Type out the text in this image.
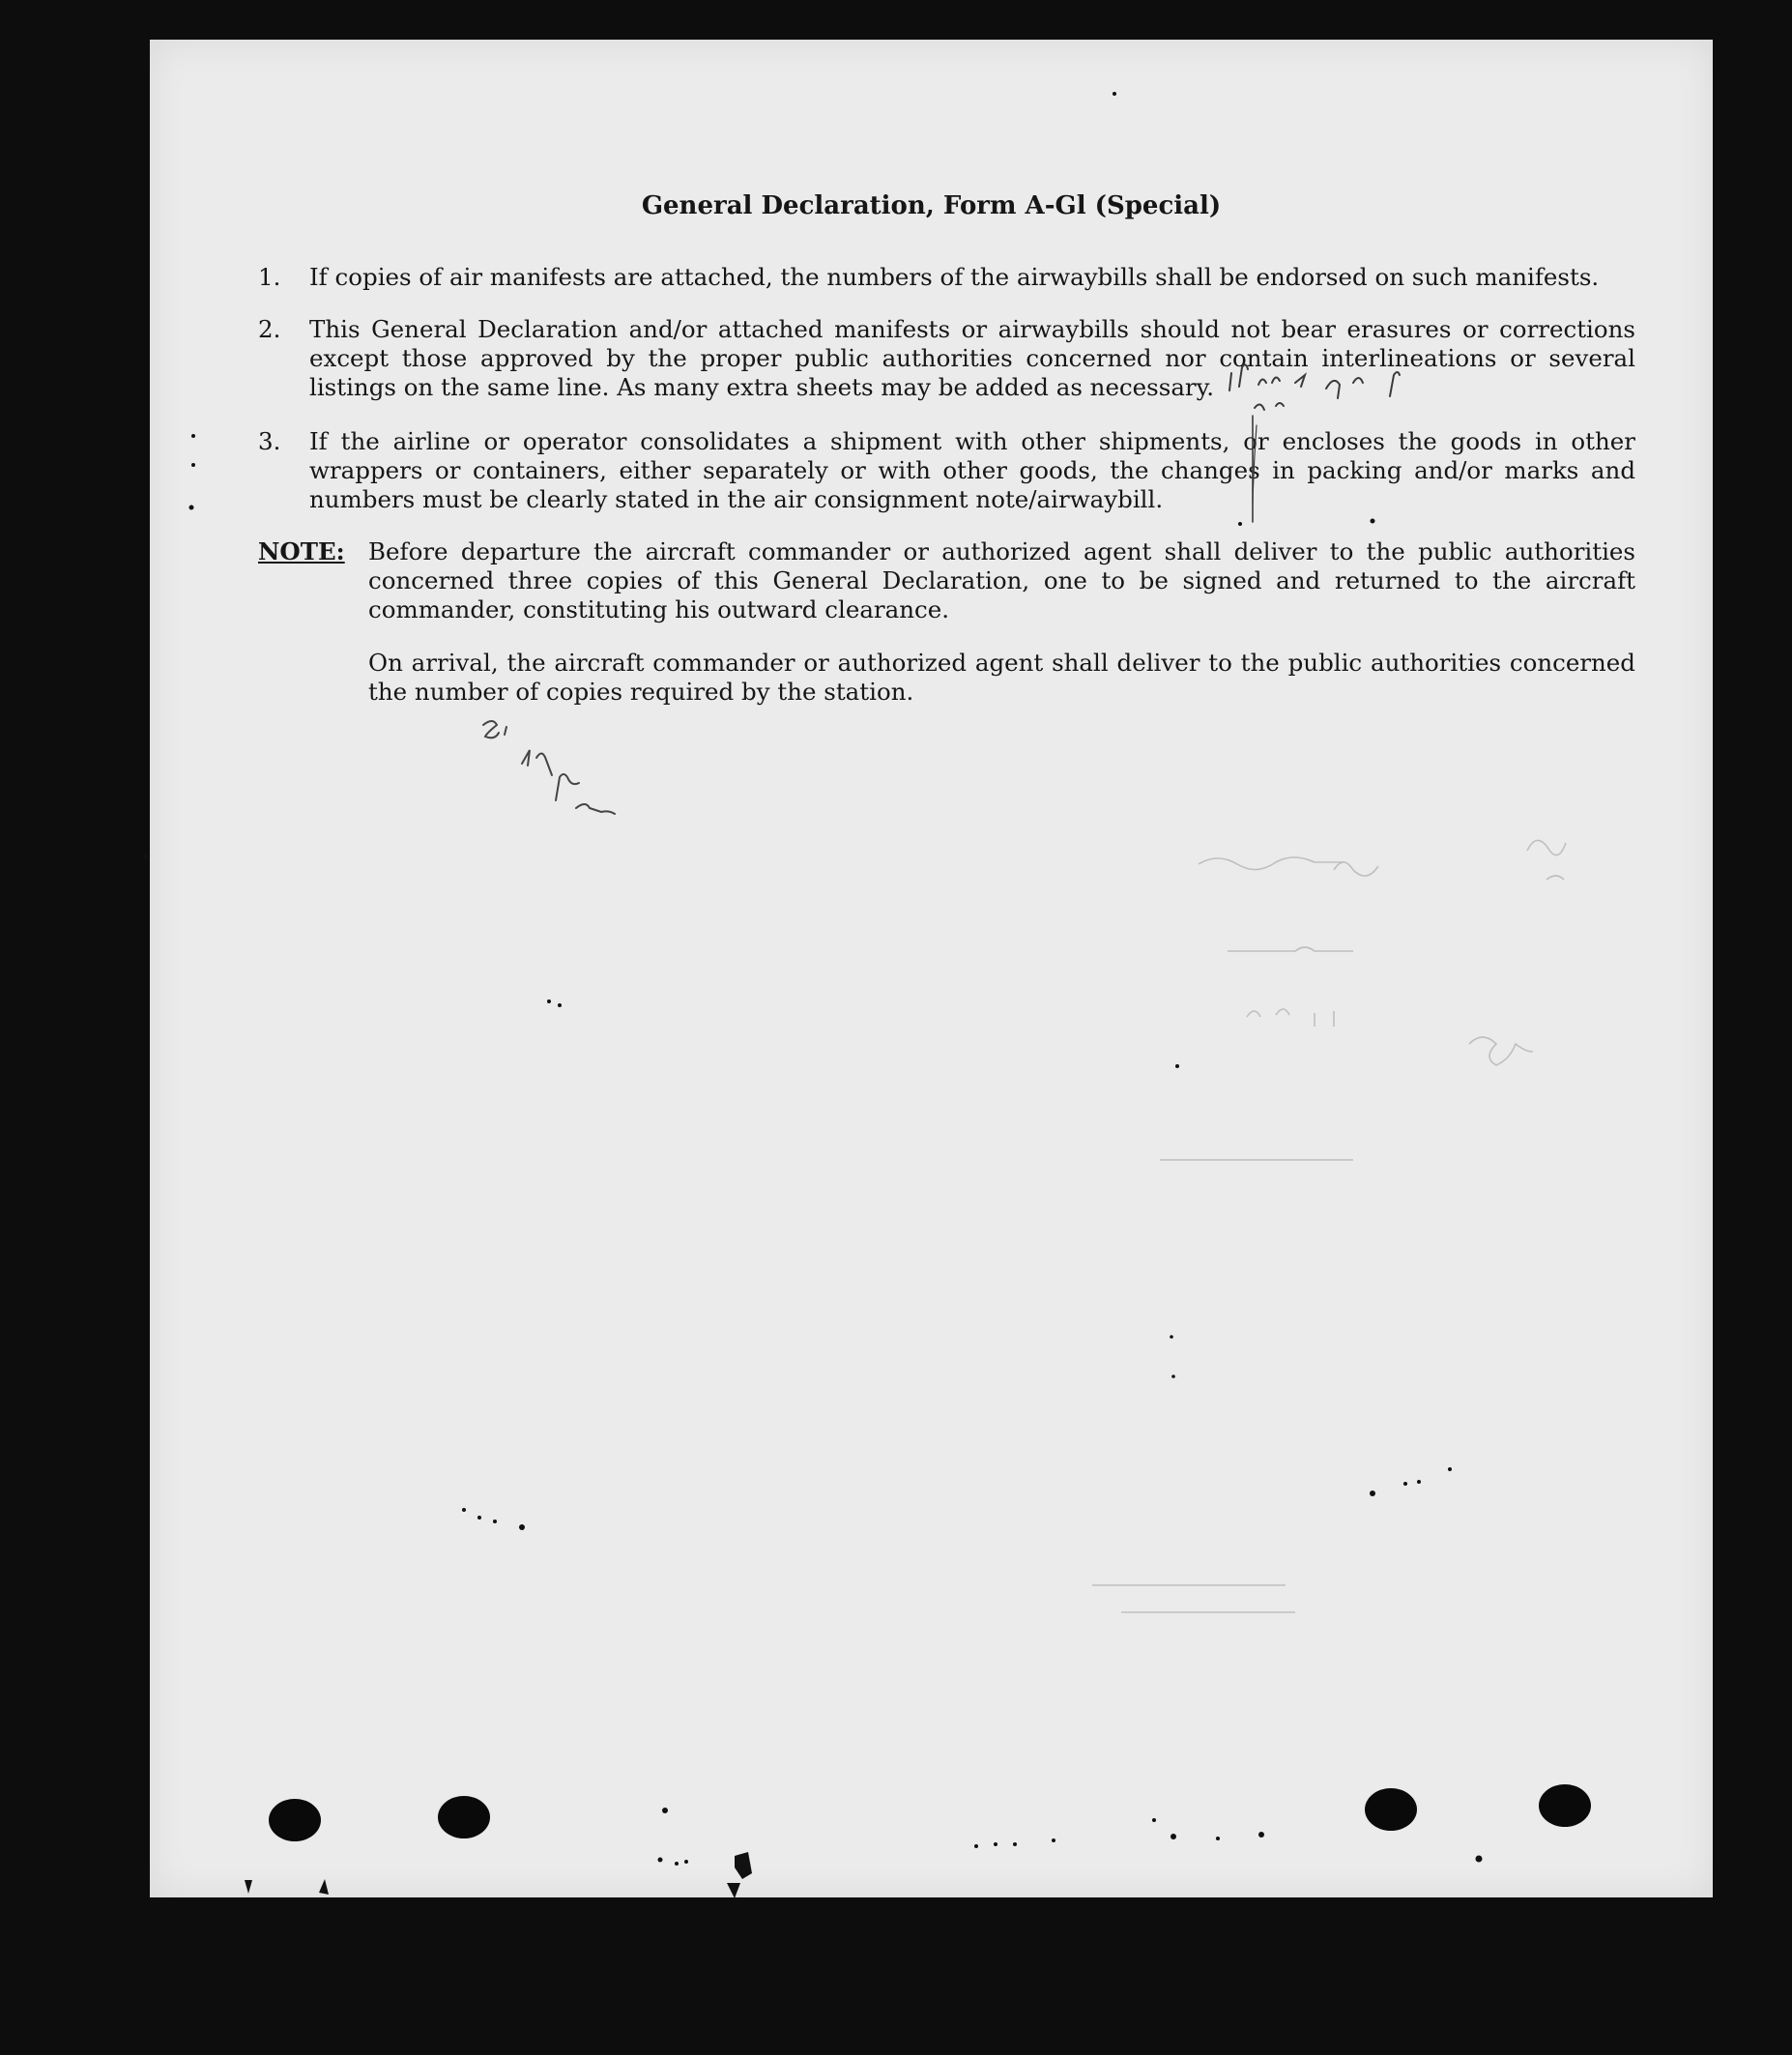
General Declaration, Form A-Gl (Special)
1.	If copies of air manifests are attached, the numbers of the airwaybills shall be endorsed on such manifests.

2.	This General Declaration and/or attached manifests or airwaybills should not bear erasures or corrections except those approved by the proper public authorities concerned nor contain interlineations or several listings on the same line. As many extra sheets may be added as necessary.

3.	If the airline or operator consolidates a shipment with other shipments, or encloses the goods in other wrappers or containers, either separately or with other goods, the changes in packing and/or marks and numbers must be clearly stated in the air consignment note/airwaybill.

NOTE: Before departure the aircraft commander or authorized agent shall deliver to the public authorities concerned three copies of this General Declaration, one to be signed and returned to the aircraft commander, constituting his outward clearance.

On arrival, the aircraft commander or authorized agent shall deliver to the public authorities concerned the number of copies required by the station.
